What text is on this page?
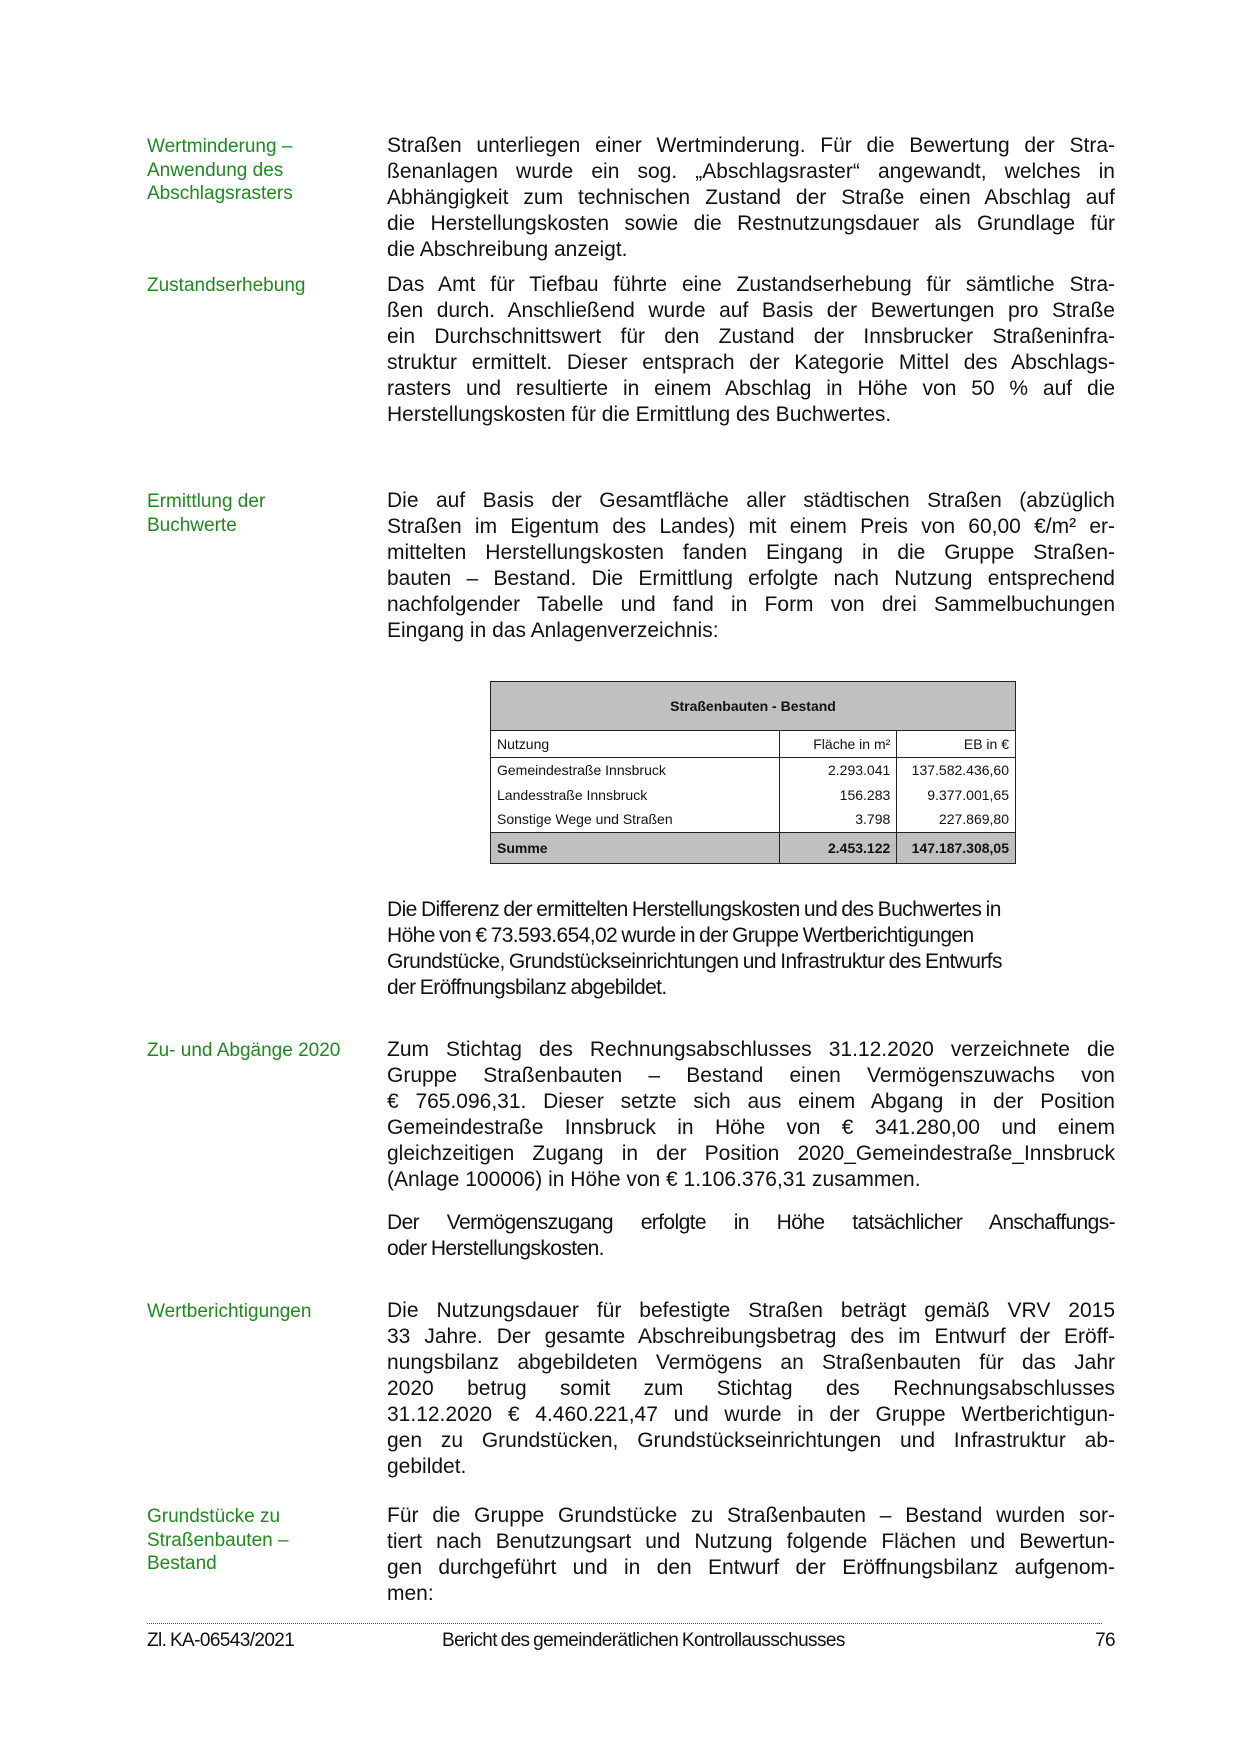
Wertminderung –
Anwendung des
Abschlagsrasters
Straßen unterliegen einer Wertminderung. Für die Bewertung der Stra-
ßenanlagen wurde ein sog. „Abschlagsraster“ angewandt, welches in
Abhängigkeit zum technischen Zustand der Straße einen Abschlag auf
die Herstellungskosten sowie die Restnutzungsdauer als Grundlage für
die Abschreibung anzeigt.
Zustandserhebung	Das Amt für Tiefbau führte eine Zustandserhebung für sämtliche Stra-
ßen durch. Anschließend wurde auf Basis der Bewertungen pro Straße
ein Durchschnittswert für den Zustand der Innsbrucker Straßeninfra-
struktur ermittelt. Dieser entsprach der Kategorie Mittel des Abschlags-
rasters und resultierte in einem Abschlag in Höhe von 50 % auf die
Herstellungskosten für die Ermittlung des Buchwertes.
Ermittlung der
Buchwerte
Die auf Basis der Gesamtfläche aller städtischen Straßen (abzüglich
Straßen im Eigentum des Landes) mit einem Preis von 60,00 €/m² er-
mittelten Herstellungskosten fanden Eingang in die Gruppe Straßen-
bauten – Bestand. Die Ermittlung erfolgte nach Nutzung entsprechend
nachfolgender Tabelle und fand in Form von drei Sammelbuchungen
Eingang in das Anlagenverzeichnis:
Straßenbauten - Bestand		
Nutzung	Fläche in m²	EB in €
Gemeindestraße Innsbruck	2.293.041	137.582.436,60
Landesstraße Innsbruck	156.283	9.377.001,65
Sonstige Wege und Straßen	3.798	227.869,80
Summe	2.453.122	147.187.308,05
Die Differenz der ermittelten Herstellungskosten und des Buchwertes in
Höhe von € 73.593.654,02 wurde in der Gruppe Wertberichtigungen
Grundstücke, Grundstückseinrichtungen und Infrastruktur des Entwurfs
der Eröffnungsbilanz abgebildet.
Zu- und Abgänge 2020	Zum Stichtag des Rechnungsabschlusses 31.12.2020 verzeichnete die
Gruppe Straßenbauten – Bestand einen Vermögenszuwachs von
€ 765.096,31. Dieser setzte sich aus einem Abgang in der Position
Gemeindestraße Innsbruck in Höhe von € 341.280,00 und einem
gleichzeitigen Zugang in der Position 2020_Gemeindestraße_Innsbruck
(Anlage 100006) in Höhe von € 1.106.376,31 zusammen.
Der Vermögenszugang erfolgte in Höhe tatsächlicher Anschaffungs-
oder Herstellungskosten.
Wertberichtigungen	Die Nutzungsdauer für befestigte Straßen beträgt gemäß VRV 2015
33 Jahre. Der gesamte Abschreibungsbetrag des im Entwurf der Eröff-
nungsbilanz abgebildeten Vermögens an Straßenbauten für das Jahr
2020 betrug somit zum Stichtag des Rechnungsabschlusses
31.12.2020 € 4.460.221,47 und wurde in der Gruppe Wertberichtigun-
gen zu Grundstücken, Grundstückseinrichtungen und Infrastruktur ab-
gebildet.
Grundstücke zu
Straßenbauten –
Bestand
Für die Gruppe Grundstücke zu Straßenbauten – Bestand wurden sor-
tiert nach Benutzungsart und Nutzung folgende Flächen und Bewertun-
gen durchgeführt und in den Entwurf der Eröffnungsbilanz aufgenom-
men:
Zl. KA-06543/2021	Bericht des gemeinderätlichen Kontrollausschusses	76
